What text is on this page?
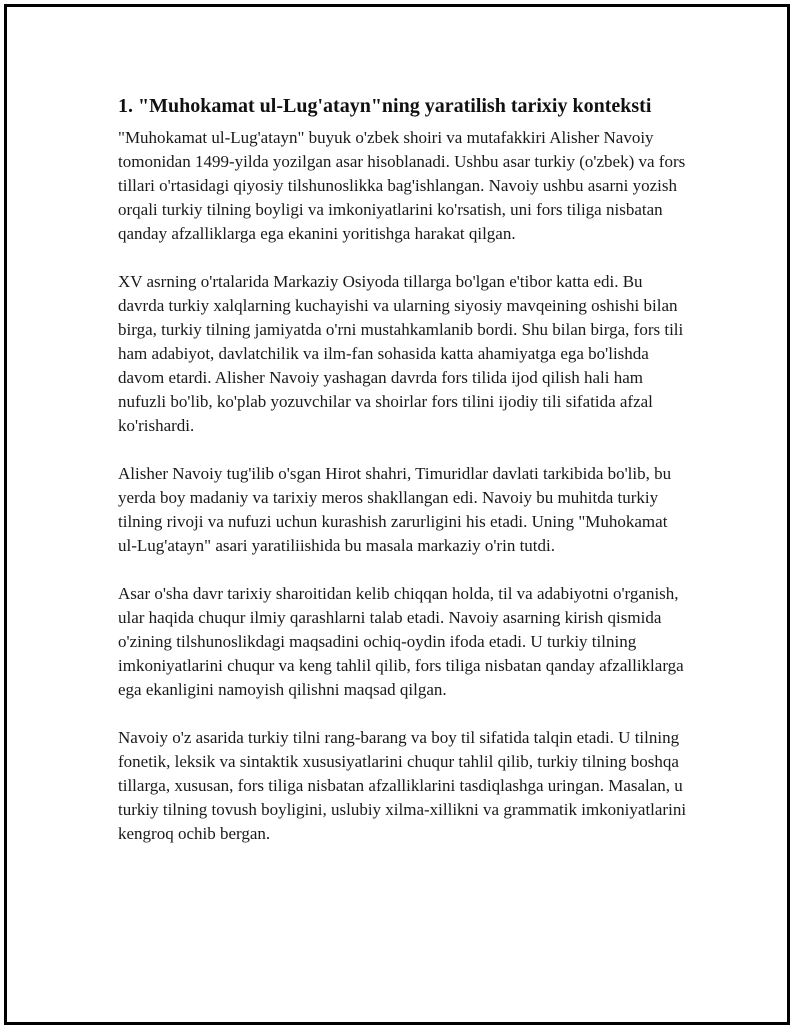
1. "Muhokamat ul-Lug'atayn"ning yaratilish tarixiy konteksti

"Muhokamat ul-Lug'atayn" buyuk o'zbek shoiri va mutafakkiri Alisher Navoiy tomonidan 1499-yilda yozilgan asar hisoblanadi. Ushbu asar turkiy (o'zbek) va fors tillari o'rtasidagi qiyosiy tilshunoslikka bag'ishlangan. Navoiy ushbu asarni yozish orqali turkiy tilning boyligi va imkoniyatlarini ko'rsatish, uni fors tiliga nisbatan qanday afzalliklarga ega ekanini yoritishga harakat qilgan.

XV asrning o'rtalarida Markaziy Osiyoda tillarga bo'lgan e'tibor katta edi. Bu davrda turkiy xalqlarning kuchayishi va ularning siyosiy mavqeining oshishi bilan birga, turkiy tilning jamiyatda o'rni mustahkamlanib bordi. Shu bilan birga, fors tili ham adabiyot, davlatchilik va ilm-fan sohasida katta ahamiyatga ega bo'lishda davom etardi. Alisher Navoiy yashagan davrda fors tilida ijod qilish hali ham nufuzli bo'lib, ko'plab yozuvchilar va shoirlar fors tilini ijodiy tili sifatida afzal ko'rishardi.

Alisher Navoiy tug'ilib o'sgan Hirot shahri, Timuridlar davlati tarkibida bo'lib, bu yerda boy madaniy va tarixiy meros shakllangan edi. Navoiy bu muhitda turkiy tilning rivoji va nufuzi uchun kurashish zarurligini his etadi. Uning "Muhokamat ul-Lug'atayn" asari yaratiliishida bu masala markaziy o'rin tutdi.

Asar o'sha davr tarixiy sharoitidan kelib chiqqan holda, til va adabiyotni o'rganish, ular haqida chuqur ilmiy qarashlarni talab etadi. Navoiy asarning kirish qismida o'zining tilshunoslikdagi maqsadini ochiq-oydin ifoda etadi. U turkiy tilning imkoniyatlarini chuqur va keng tahlil qilib, fors tiliga nisbatan qanday afzalliklarga ega ekanligini namoyish qilishni maqsad qilgan.

Navoiy o'z asarida turkiy tilni rang-barang va boy til sifatida talqin etadi. U tilning fonetik, leksik va sintaktik xususiyatlarini chuqur tahlil qilib, turkiy tilning boshqa tillarga, xususan, fors tiliga nisbatan afzalliklarini tasdiqlashga uringan. Masalan, u turkiy tilning tovush boyligini, uslubiy xilma-xillikni va grammatik imkoniyatlarini kengroq ochib bergan.
